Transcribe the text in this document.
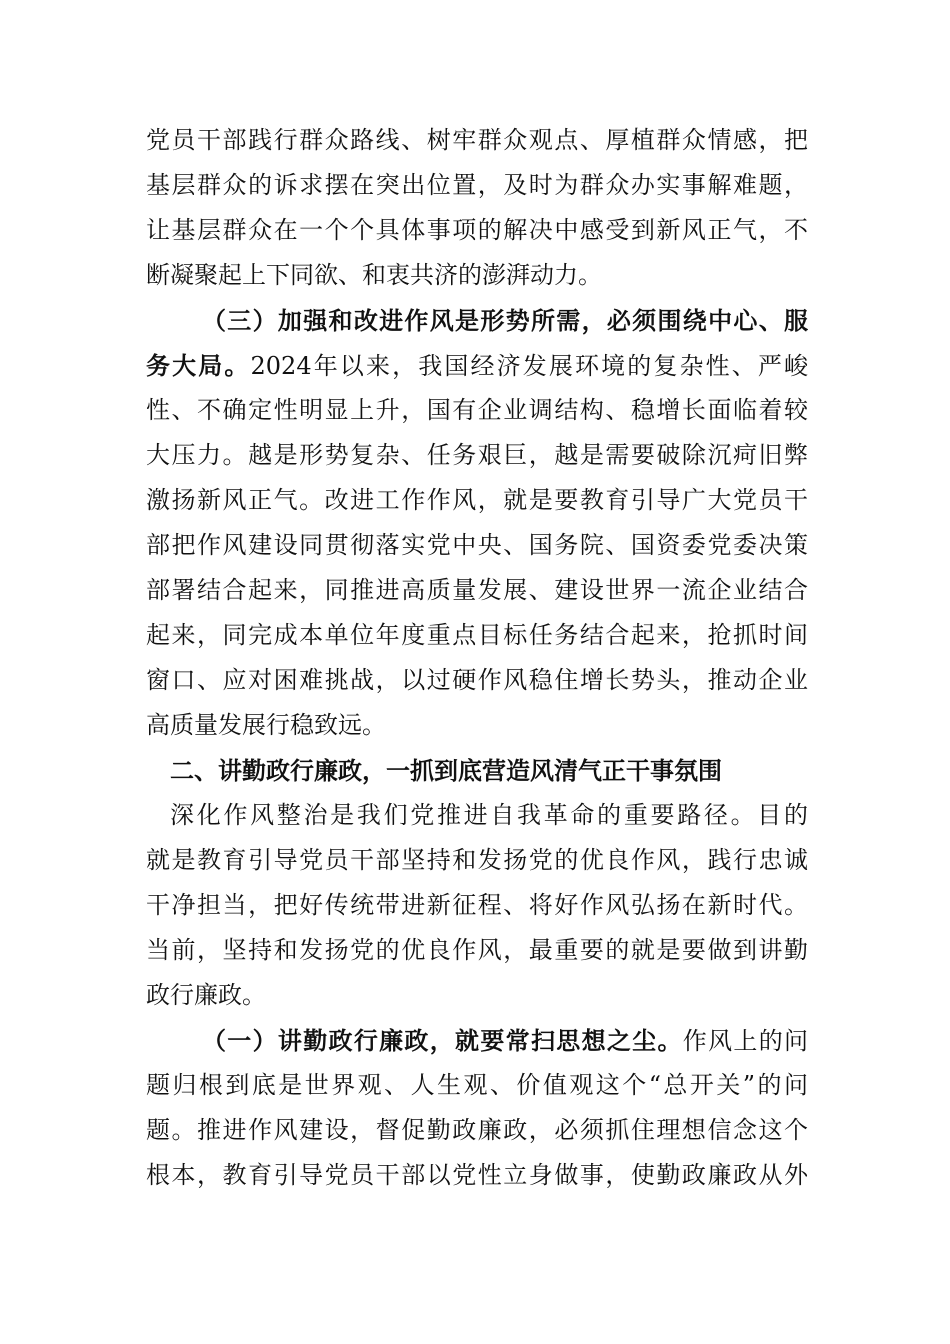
党员干部践行群众路线、树牢群众观点、厚植群众情感，把
基层群众的诉求摆在突出位置，及时为群众办实事解难题，
让基层群众在一个个具体事项的解决中感受到新风正气，不
断凝聚起上下同欲、和衷共济的澎湃动力。
（三）加强和改进作风是形势所需，必须围绕中心、服
务大局。2024年以来，我国经济发展环境的复杂性、严峻
性、不确定性明显上升，国有企业调结构、稳增长面临着较
大压力。越是形势复杂、任务艰巨，越是需要破除沉疴旧弊
激扬新风正气。改进工作作风，就是要教育引导广大党员干
部把作风建设同贯彻落实党中央、国务院、国资委党委决策
部署结合起来，同推进高质量发展、建设世界一流企业结合
起来，同完成本单位年度重点目标任务结合起来，抢抓时间
窗口、应对困难挑战，以过硬作风稳住增长势头，推动企业
高质量发展行稳致远。
二、讲勤政行廉政，一抓到底营造风清气正干事氛围
深化作风整治是我们党推进自我革命的重要路径。目的
就是教育引导党员干部坚持和发扬党的优良作风，践行忠诚
干净担当，把好传统带进新征程、将好作风弘扬在新时代。
当前，坚持和发扬党的优良作风，最重要的就是要做到讲勤
政行廉政。
（一）讲勤政行廉政，就要常扫思想之尘。作风上的问
题归根到底是世界观、人生观、价值观这个“总开关”的问
题。推进作风建设，督促勤政廉政，必须抓住理想信念这个
根本，教育引导党员干部以党性立身做事，使勤政廉政从外
